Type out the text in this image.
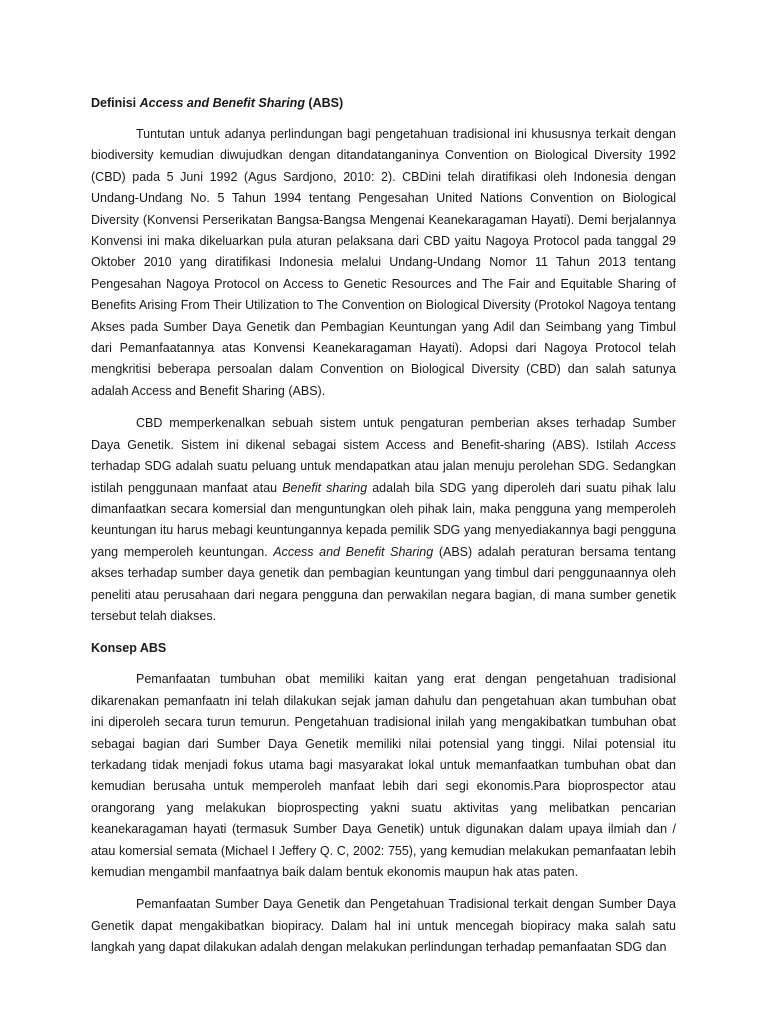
Definisi Access and Benefit Sharing (ABS)

Tuntutan untuk adanya perlindungan bagi pengetahuan tradisional ini khususnya terkait dengan biodiversity kemudian diwujudkan dengan ditandatanganinya Convention on Biological Diversity 1992 (CBD) pada 5 Juni 1992 (Agus Sardjono, 2010: 2). CBDini telah diratifikasi oleh Indonesia dengan Undang-Undang No. 5 Tahun 1994 tentang Pengesahan United Nations Convention on Biological Diversity (Konvensi Perserikatan Bangsa-Bangsa Mengenai Keanekaragaman Hayati). Demi berjalannya Konvensi ini maka dikeluarkan pula aturan pelaksana dari CBD yaitu Nagoya Protocol pada tanggal 29 Oktober 2010 yang diratifikasi Indonesia melalui Undang-Undang Nomor 11 Tahun 2013 tentang Pengesahan Nagoya Protocol on Access to Genetic Resources and The Fair and Equitable Sharing of Benefits Arising From Their Utilization to The Convention on Biological Diversity (Protokol Nagoya tentang Akses pada Sumber Daya Genetik dan Pembagian Keuntungan yang Adil dan Seimbang yang Timbul dari Pemanfaatannya atas Konvensi Keanekaragaman Hayati). Adopsi dari Nagoya Protocol telah mengkritisi beberapa persoalan dalam Convention on Biological Diversity (CBD) dan salah satunya adalah Access and Benefit Sharing (ABS).

CBD memperkenalkan sebuah sistem untuk pengaturan pemberian akses terhadap Sumber Daya Genetik. Sistem ini dikenal sebagai sistem Access and Benefit-sharing (ABS). Istilah Access terhadap SDG adalah suatu peluang untuk mendapatkan atau jalan menuju perolehan SDG. Sedangkan istilah penggunaan manfaat atau Benefit sharing adalah bila SDG yang diperoleh dari suatu pihak lalu dimanfaatkan secara komersial dan menguntungkan oleh pihak lain, maka pengguna yang memperoleh keuntungan itu harus mebagi keuntungannya kepada pemilik SDG yang menyediakannya bagi pengguna yang memperoleh keuntungan. Access and Benefit Sharing (ABS) adalah peraturan bersama tentang akses terhadap sumber daya genetik dan pembagian keuntungan yang timbul dari penggunaannya oleh peneliti atau perusahaan dari negara pengguna dan perwakilan negara bagian, di mana sumber genetik tersebut telah diakses.

Konsep ABS

Pemanfaatan tumbuhan obat memiliki kaitan yang erat dengan pengetahuan tradisional dikarenakan pemanfaatn ini telah dilakukan sejak jaman dahulu dan pengetahuan akan tumbuhan obat ini diperoleh secara turun temurun. Pengetahuan tradisional inilah yang mengakibatkan tumbuhan obat sebagai bagian dari Sumber Daya Genetik memiliki nilai potensial yang tinggi. Nilai potensial itu terkadang tidak menjadi fokus utama bagi masyarakat lokal untuk memanfaatkan tumbuhan obat dan kemudian berusaha untuk memperoleh manfaat lebih dari segi ekonomis.Para bioprospector atau orangorang yang melakukan bioprospecting yakni suatu aktivitas yang melibatkan pencarian keanekaragaman hayati (termasuk Sumber Daya Genetik) untuk digunakan dalam upaya ilmiah dan / atau komersial semata (Michael I Jeffery Q. C, 2002: 755), yang kemudian melakukan pemanfaatan lebih kemudian mengambil manfaatnya baik dalam bentuk ekonomis maupun hak atas paten.

Pemanfaatan Sumber Daya Genetik dan Pengetahuan Tradisional terkait dengan Sumber Daya Genetik dapat mengakibatkan biopiracy. Dalam hal ini untuk mencegah biopiracy maka salah satu langkah yang dapat dilakukan adalah dengan melakukan perlindungan terhadap pemanfaatan SDG dan
